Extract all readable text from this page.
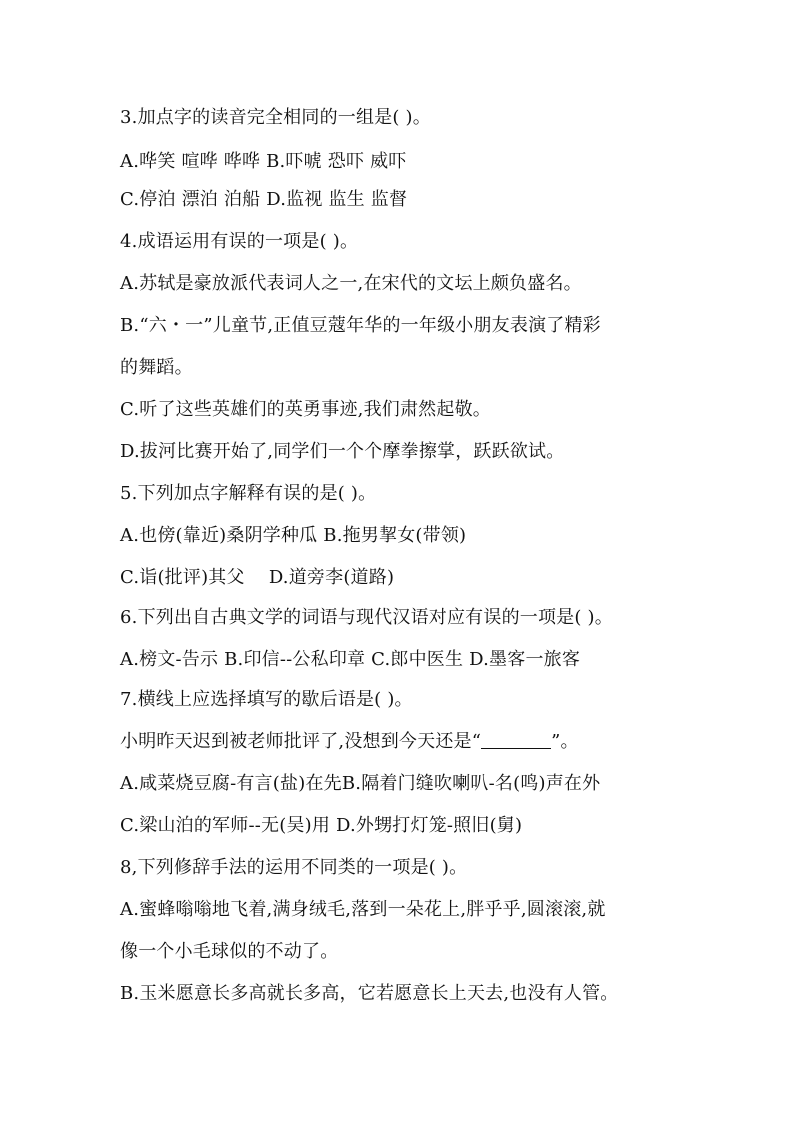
3.加点字的读音完全相同的一组是( )。
A.哗笑 喧哗 哗哗 B.吓唬 恐吓 威吓
C.停泊 漂泊 泊船 D.监视 监生 监督
4.成语运用有误的一项是( )。
A.苏轼是豪放派代表词人之一,在宋代的文坛上颇负盛名。
B.“六・一”儿童节,正值豆蔻年华的一年级小朋友表演了精彩
的舞蹈。
C.听了这些英雄们的英勇事迹,我们肃然起敬。
D.拔河比赛开始了,同学们一个个摩拳擦掌，跃跃欲试。
5.下列加点字解释有误的是( )。
A.也傍(靠近)桑阴学种瓜 B.拖男挈女(带领)
C.诣(批评)其父 　D.道旁李(道路)
6.下列出自古典文学的词语与现代汉语对应有误的一项是( )。
A.榜文-告示 B.印信--公私印章 C.郎中医生 D.墨客一旅客
7.横线上应选择填写的歇后语是( )。
小明昨天迟到被老师批评了,没想到今天还是“	”。
A.咸菜烧豆腐-有言(盐)在先B.隔着门缝吹喇叭-名(鸣)声在外
C.梁山泊的军师--无(吴)用 D.外甥打灯笼-照旧(舅)
8,下列修辞手法的运用不同类的一项是( )。
A.蜜蜂嗡嗡地飞着,满身绒毛,落到一朵花上,胖乎乎,圆滚滚,就
像一个小毛球似的不动了。
B.玉米愿意长多高就长多高，它若愿意长上天去,也没有人管。
